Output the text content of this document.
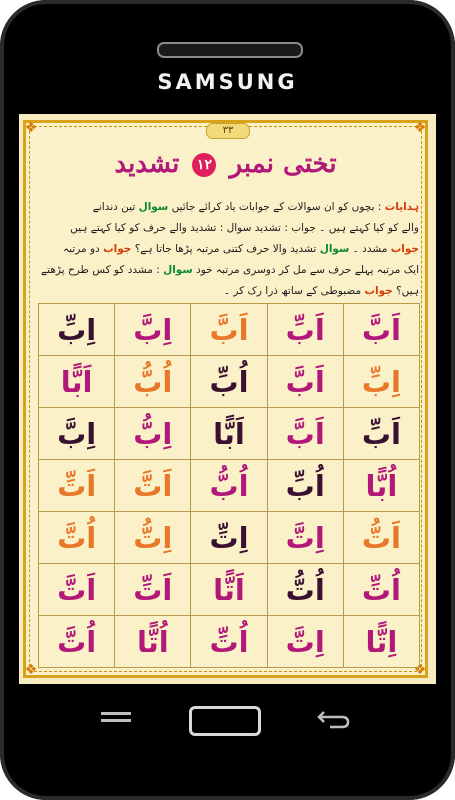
SAMSUNG
❖	❖
❖	❖
٣٣
تختی نمبر ١٢ تشدید
ہدایات : بچوں کو ان سوالات کے جوابات یاد کرائے جائیں سوال تین دندانے
والے کو کیا کہتے ہیں ۔ جواب : تشدید سوال : تشدید والے حرف کو کیا کہتے ہیں
جواب مشدد ۔ سوال تشدید والا حرف کتنی مرتبہ پڑھا جاتا ہے؟ جواب دو مرتبہ
ایک مرتبہ پہلے حرف سے مل کر دوسری مرتبہ خود سوال : مشدد کو کس طرح پڑھتے
ہیں؟ جواب مضبوطی کے ساتھ ذرا رک کر ۔
اَبَّ
اَبِّ
اَبَّ
اِبَّ
اِبِّ
اِبِّ
اَبَّ
اُبِّ
اُبُّ
اَبًّا
اَبِّ
اَبَّ
اَبًّا
اِبُّ
اِبَّ
اُبًّا
اُبِّ
اُبُّ
اَتَّ
اَتِّ
اَتُّ
اِتَّ
اِتِّ
اِتُّ
اُتَّ
اُتِّ
اُتُّ
اَتًّا
اَتِّ
اَتَّ
اِتًّا
اِتَّ
اُتِّ
اُتًّا
اُتَّ
